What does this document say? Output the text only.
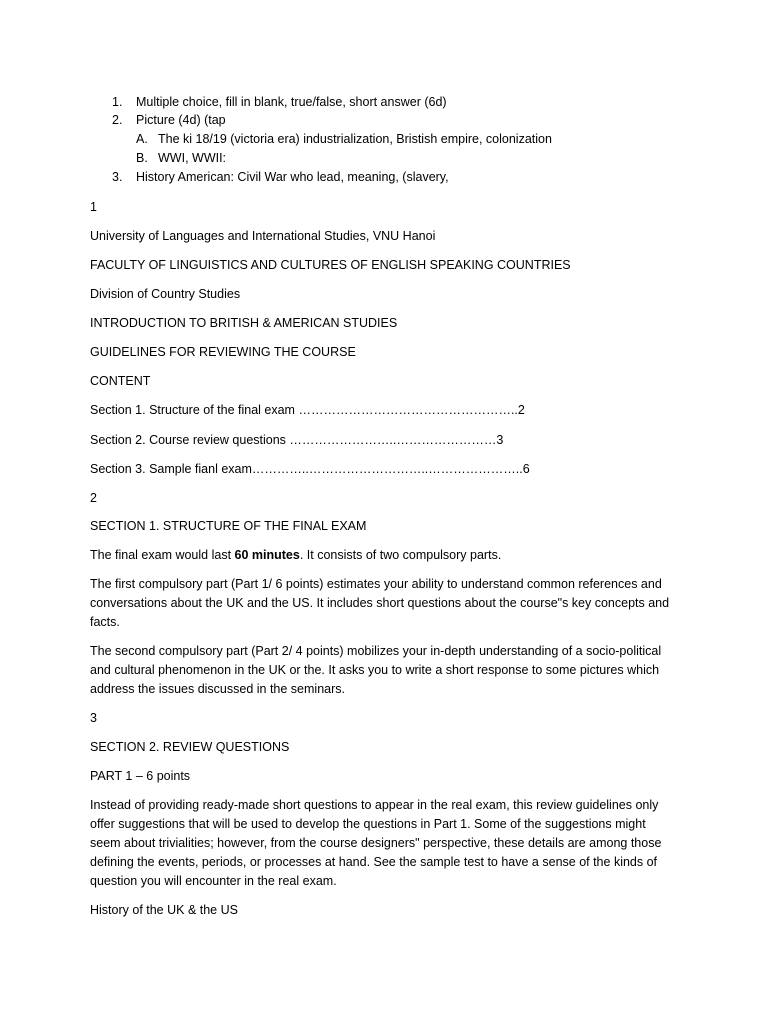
1. Multiple choice, fill in blank, true/false, short answer (6d)
2. Picture (4d) (tap
A. The ki 18/19 (victoria era) industrialization, Bristish empire, colonization
B. WWI, WWII:
3. History American: Civil War who lead, meaning, (slavery,
1
University of Languages and International Studies, VNU Hanoi
FACULTY OF LINGUISTICS AND CULTURES OF ENGLISH SPEAKING COUNTRIES
Division of Country Studies
INTRODUCTION TO BRITISH & AMERICAN STUDIES
GUIDELINES FOR REVIEWING THE COURSE
CONTENT
Section 1. Structure of the final exam ……………………………………………..2
Section 2. Course review questions ……………………..……………………3
Section 3. Sample fianl exam…………..………………………..…………………..6
2
SECTION 1. STRUCTURE OF THE FINAL EXAM
The final exam would last 60 minutes. It consists of two compulsory parts.
The first compulsory part (Part 1/ 6 points) estimates your ability to understand common references and
conversations about the UK and the US. It includes short questions about the course"s key concepts and
facts.
The second compulsory part (Part 2/ 4 points) mobilizes your in-depth understanding of a socio-political
and cultural phenomenon in the UK or the. It asks you to write a short response to some pictures which
address the issues discussed in the seminars.
3
SECTION 2. REVIEW QUESTIONS
PART 1 – 6 points
Instead of providing ready-made short questions to appear in the real exam, this review guidelines only
offer suggestions that will be used to develop the questions in Part 1. Some of the suggestions might
seem about trivialities; however, from the course designers" perspective, these details are among those
defining the events, periods, or processes at hand. See the sample test to have a sense of the kinds of
question you will encounter in the real exam.
History of the UK & the US
